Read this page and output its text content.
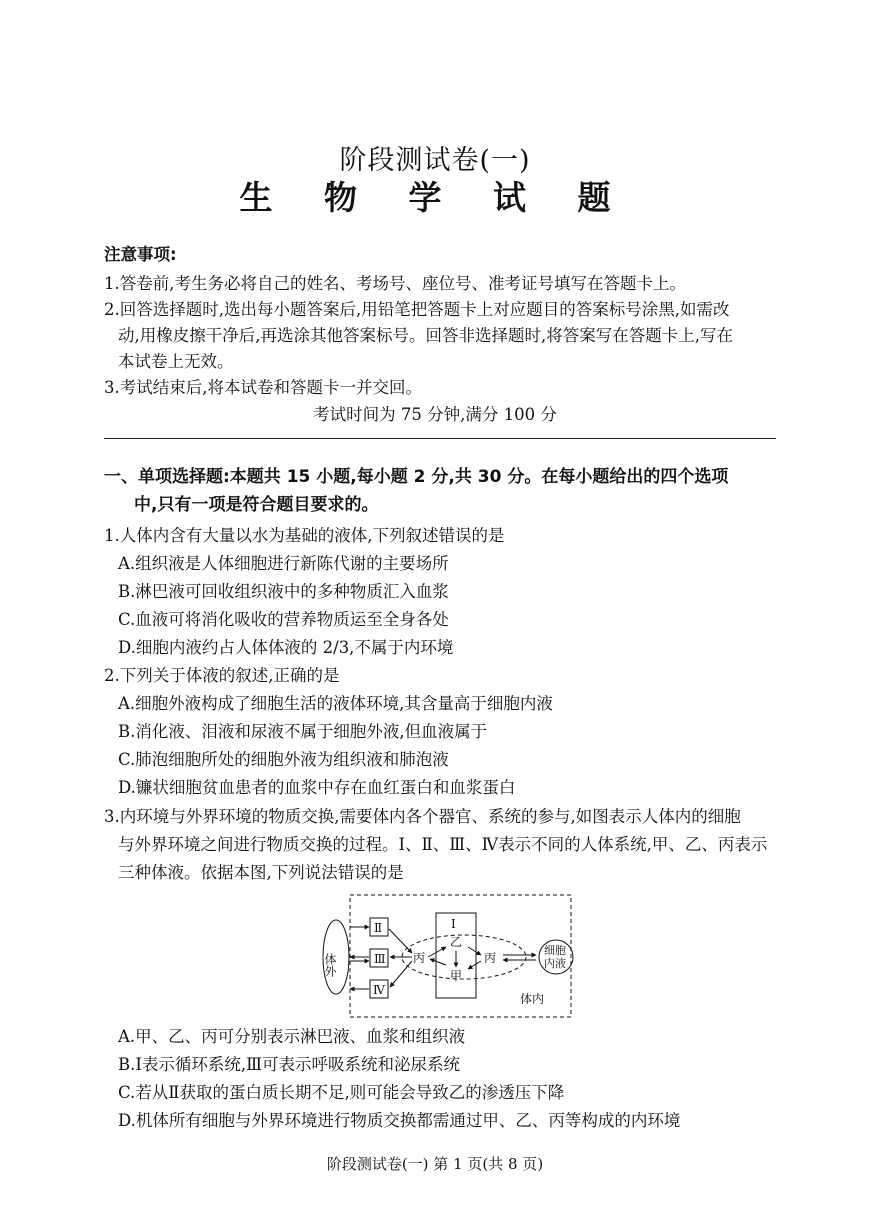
阶段测试卷(一)
生 物 学 试 题
注意事项:
1.答卷前,考生务必将自己的姓名、考场号、座位号、准考证号填写在答题卡上。
2.回答选择题时,选出每小题答案后,用铅笔把答题卡上对应题目的答案标号涂黑,如需改
动,用橡皮擦干净后,再选涂其他答案标号。回答非选择题时,将答案写在答题卡上,写在
本试卷上无效。
3.考试结束后,将本试卷和答题卡一并交回。
考试时间为 75 分钟,满分 100 分
一、单项选择题:本题共 15 小题,每小题 2 分,共 30 分。在每小题给出的四个选项
中,只有一项是符合题目要求的。
1.人体内含有大量以水为基础的液体,下列叙述错误的是
A.组织液是人体细胞进行新陈代谢的主要场所
B.淋巴液可回收组织液中的多种物质汇入血浆
C.血液可将消化吸收的营养物质运至全身各处
D.细胞内液约占人体体液的 2/3,不属于内环境
2.下列关于体液的叙述,正确的是
A.细胞外液构成了细胞生活的液体环境,其含量高于细胞内液
B.消化液、泪液和尿液不属于细胞外液,但血液属于
C.肺泡细胞所处的细胞外液为组织液和肺泡液
D.镰状细胞贫血患者的血浆中存在血红蛋白和血浆蛋白
3.内环境与外界环境的物质交换,需要体内各个器官、系统的参与,如图表示人体内的细胞
与外界环境之间进行物质交换的过程。Ⅰ、Ⅱ、Ⅲ、Ⅳ表示不同的人体系统,甲、乙、丙表示
三种体液。依据本图,下列说法错误的是
体外
Ⅱ
Ⅲ
Ⅳ
Ⅰ
乙
甲
丙	丙
细胞
内液
体内
A.甲、乙、丙可分别表示淋巴液、血浆和组织液
B.Ⅰ表示循环系统,Ⅲ可表示呼吸系统和泌尿系统
C.若从Ⅱ获取的蛋白质长期不足,则可能会导致乙的渗透压下降
D.机体所有细胞与外界环境进行物质交换都需通过甲、乙、丙等构成的内环境
阶段测试卷(一) 第 1 页(共 8 页)
